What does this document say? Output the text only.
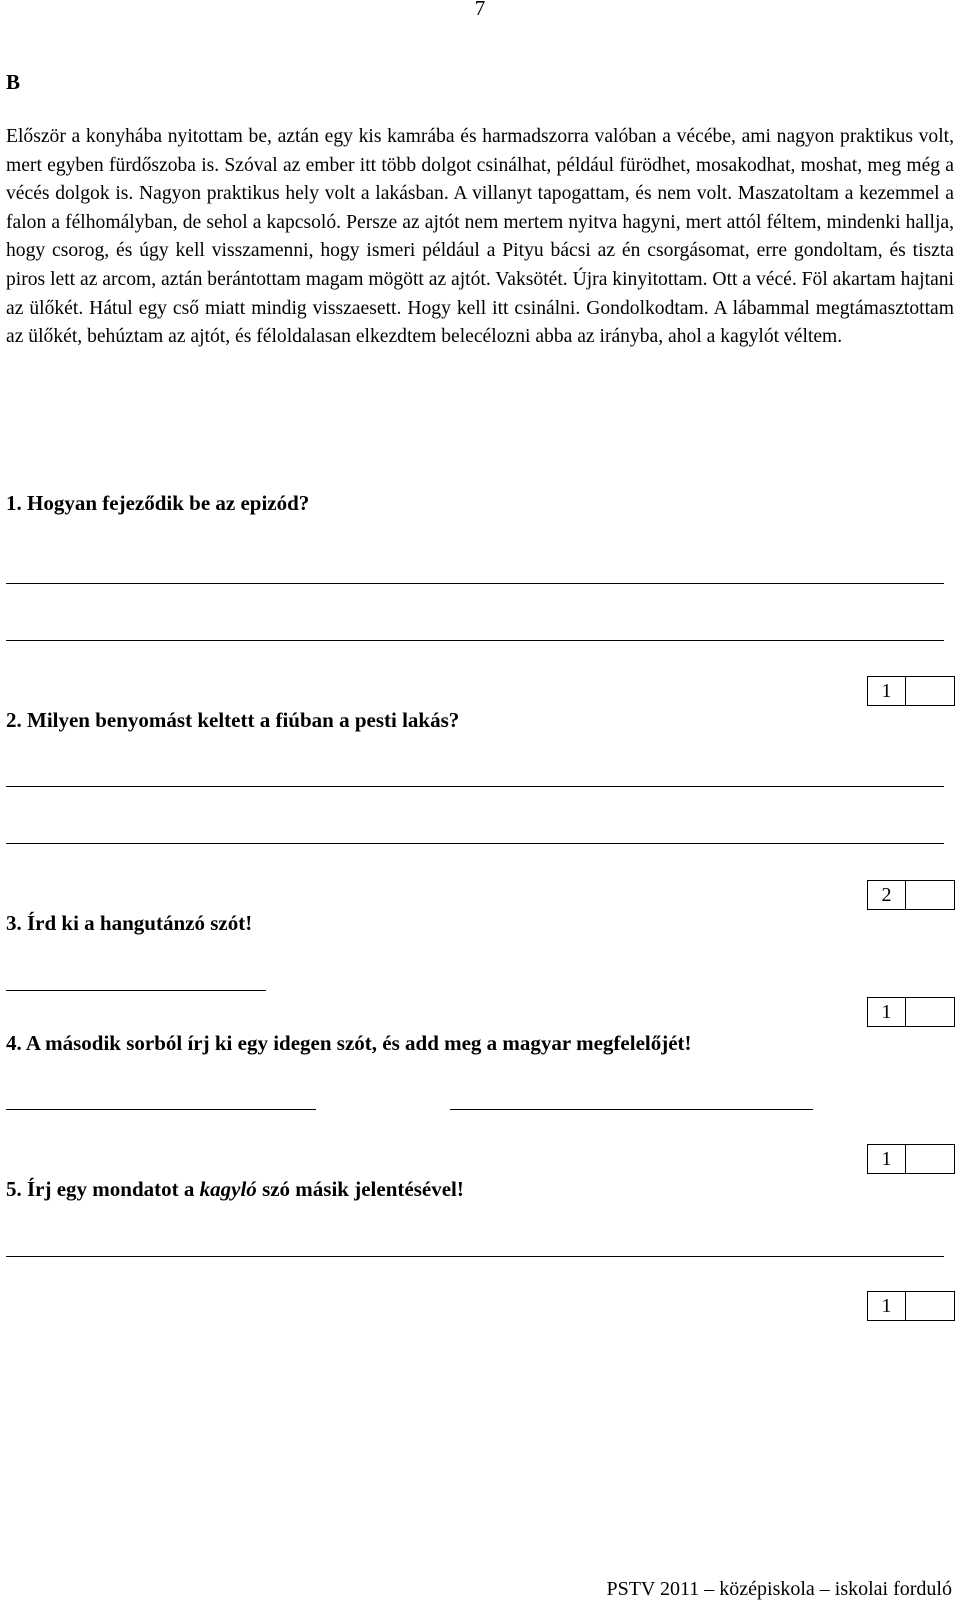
7
B

Először a konyhába nyitottam be, aztán egy kis kamrába és harmadszorra valóban a vécébe, ami nagyon praktikus volt, mert egyben fürdőszoba is. Szóval az ember itt több dolgot csinálhat, például fürödhet, mosakodhat, moshat, meg még a vécés dolgok is. Nagyon praktikus hely volt a lakásban. A villanyt tapogattam, és nem volt. Maszatoltam a kezemmel a falon a félhomályban, de sehol a kapcsoló. Persze az ajtót nem mertem nyitva hagyni, mert attól féltem, mindenki hallja, hogy csorog, és úgy kell visszamenni, hogy ismeri például a Pityu bácsi az én csorgásomat, erre gondoltam, és tiszta piros lett az arcom, aztán berántottam magam mögött az ajtót. Vaksötét. Újra kinyitottam. Ott a vécé. Föl akartam hajtani az ülőkét. Hátul egy cső miatt mindig visszaesett. Hogy kell itt csinálni. Gondolkodtam. A lábammal megtámasztottam az ülőkét, behúztam az ajtót, és féloldalasan elkezdtem belecélozni abba az irányba, ahol a kagylót véltem.

1. Hogyan fejeződik be az epizód?
1
2. Milyen benyomást keltett a fiúban a pesti lakás?
2
3. Írd ki a hangutánzó szót!
1
4. A második sorból írj ki egy idegen szót, és add meg a magyar megfelelőjét!
1
5. Írj egy mondatot a kagyló szó másik jelentésével!
1
PSTV 2011 – középiskola – iskolai forduló
